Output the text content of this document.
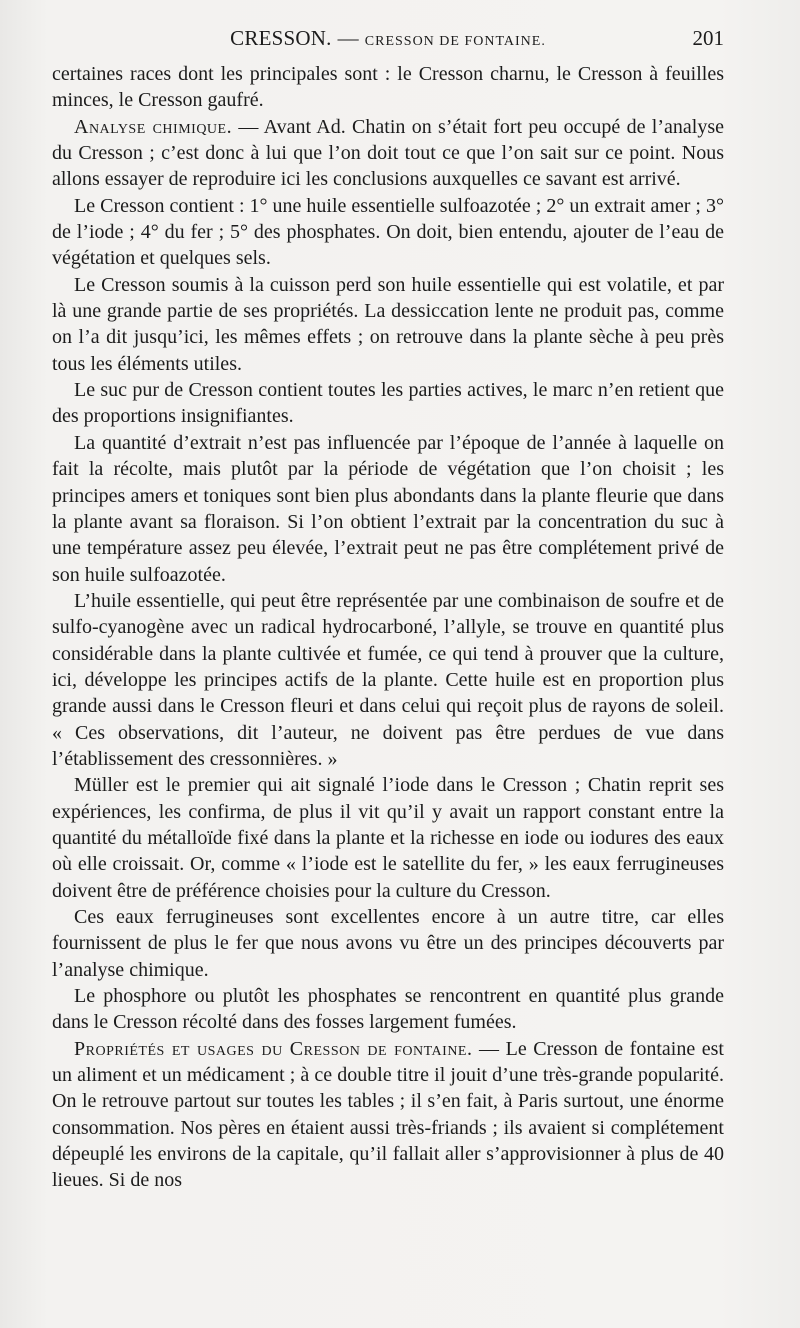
CRESSON. — CRESSON DE FONTAINE.	201

certaines races dont les principales sont : le Cresson charnu, le Cresson à feuilles minces, le Cresson gaufré.

Analyse chimique. — Avant Ad. Chatin on s’était fort peu occupé de l’analyse du Cresson ; c’est donc à lui que l’on doit tout ce que l’on sait sur ce point. Nous allons essayer de reproduire ici les conclusions auxquelles ce savant est arrivé.

Le Cresson contient : 1° une huile essentielle sulfoazotée ; 2° un extrait amer ; 3° de l’iode ; 4° du fer ; 5° des phosphates. On doit, bien entendu, ajouter de l’eau de végétation et quelques sels.

Le Cresson soumis à la cuisson perd son huile essentielle qui est volatile, et par là une grande partie de ses propriétés. La dessiccation lente ne produit pas, comme on l’a dit jusqu’ici, les mêmes effets ; on retrouve dans la plante sèche à peu près tous les éléments utiles.

Le suc pur de Cresson contient toutes les parties actives, le marc n’en retient que des proportions insignifiantes.

La quantité d’extrait n’est pas influencée par l’époque de l’année à laquelle on fait la récolte, mais plutôt par la période de végétation que l’on choisit ; les principes amers et toniques sont bien plus abondants dans la plante fleurie que dans la plante avant sa floraison. Si l’on obtient l’extrait par la concentration du suc à une température assez peu élevée, l’extrait peut ne pas être complétement privé de son huile sulfoazotée.

L’huile essentielle, qui peut être représentée par une combinaison de soufre et de sulfo-cyanogène avec un radical hydrocarboné, l’allyle, se trouve en quantité plus considérable dans la plante cultivée et fumée, ce qui tend à prouver que la culture, ici, développe les principes actifs de la plante. Cette huile est en proportion plus grande aussi dans le Cresson fleuri et dans celui qui reçoit plus de rayons de soleil. « Ces observations, dit l’auteur, ne doivent pas être perdues de vue dans l’établissement des cressonnières. »

Müller est le premier qui ait signalé l’iode dans le Cresson ; Chatin reprit ses expériences, les confirma, de plus il vit qu’il y avait un rapport constant entre la quantité du métalloïde fixé dans la plante et la richesse en iode ou iodures des eaux où elle croissait. Or, comme « l’iode est le satellite du fer, » les eaux ferrugineuses doivent être de préférence choisies pour la culture du Cresson.

Ces eaux ferrugineuses sont excellentes encore à un autre titre, car elles fournissent de plus le fer que nous avons vu être un des principes découverts par l’analyse chimique.

Le phosphore ou plutôt les phosphates se rencontrent en quantité plus grande dans le Cresson récolté dans des fosses largement fumées.

Propriétés et usages du Cresson de fontaine. — Le Cresson de fontaine est un aliment et un médicament ; à ce double titre il jouit d’une très-grande popularité. On le retrouve partout sur toutes les tables ; il s’en fait, à Paris surtout, une énorme consommation. Nos pères en étaient aussi très-friands ; ils avaient si complétement dépeuplé les environs de la capitale, qu’il fallait aller s’approvisionner à plus de 40 lieues. Si de nos
